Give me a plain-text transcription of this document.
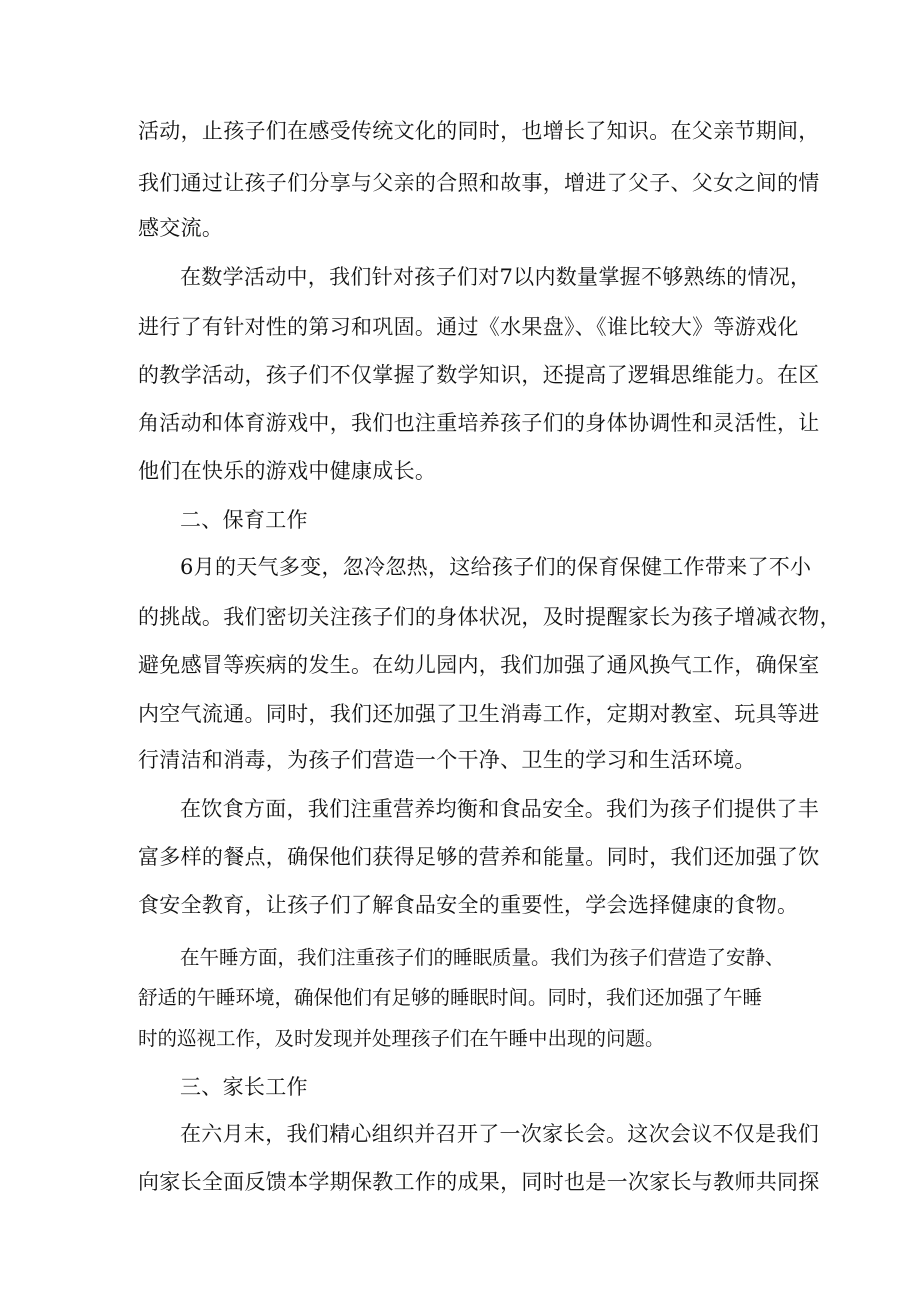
活动，止孩子们在感受传统文化的同时，也增长了知识。在父亲节期间，
我们通过让孩子们分享与父亲的合照和故事，增进了父子、父女之间的情
感交流。
在数学活动中，我们针对孩子们对7以内数量掌握不够熟练的情况，
进行了有针对性的第习和巩固。通过《水果盘》、《谁比较大》等游戏化
的教学活动，孩子们不仅掌握了数学知识，还提高了逻辑思维能力。在区
角活动和体育游戏中，我们也注重培养孩子们的身体协调性和灵活性，让
他们在快乐的游戏中健康成长。
二、保育工作
6月的天气多变，忽冷忽热，这给孩子们的保育保健工作带来了不小
的挑战。我们密切关注孩子们的身体状况，及时提醒家长为孩子增减衣物，
避免感冒等疾病的发生。在幼儿园内，我们加强了通风换气工作，确保室
内空气流通。同时，我们还加强了卫生消毒工作，定期对教室、玩具等进
行清洁和消毒，为孩子们营造一个干净、卫生的学习和生活环境。
在饮食方面，我们注重营养均衡和食品安全。我们为孩子们提供了丰
富多样的餐点，确保他们获得足够的营养和能量。同时，我们还加强了饮
食安全教育，让孩子们了解食品安全的重要性，学会选择健康的食物。
在午睡方面，我们注重孩子们的睡眠质量。我们为孩子们营造了安静、
舒适的午睡环境，确保他们有足够的睡眠时间。同时，我们还加强了午睡
时的巡视工作，及时发现并处理孩子们在午睡中出现的问题。
三、家长工作
在六月末，我们精心组织并召开了一次家长会。这次会议不仅是我们
向家长全面反馈本学期保教工作的成果，同时也是一次家长与教师共同探
